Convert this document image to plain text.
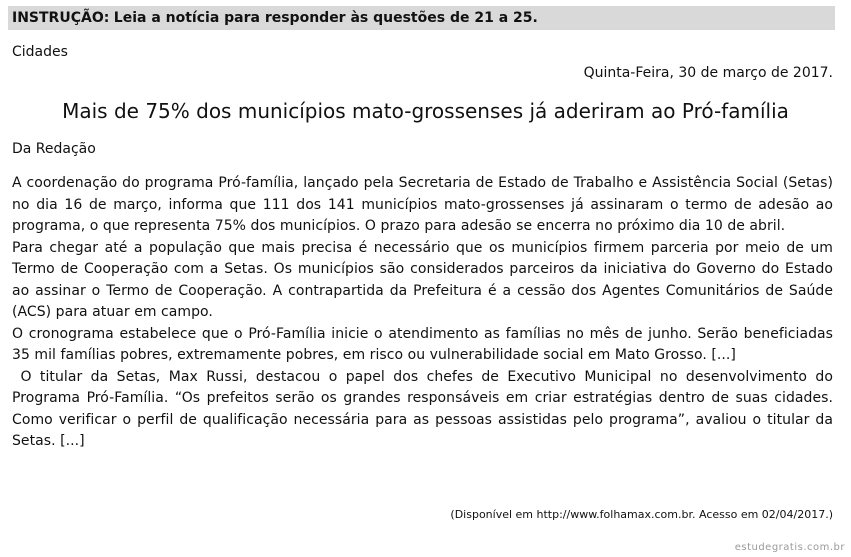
INSTRUÇÃO: Leia a notícia para responder às questões de 21 a 25.
Cidades
Quinta-Feira, 30 de março de 2017.
Mais de 75% dos municípios mato-grossenses já aderiram ao Pró-família
Da Redação

A coordenação do programa Pró-família, lançado pela Secretaria de Estado de Trabalho e Assistência Social (Setas) no dia 16 de março, informa que 111 dos 141 municípios mato-grossenses já assinaram o termo de adesão ao programa, o que representa 75% dos municípios. O prazo para adesão se encerra no próximo dia 10 de abril.

Para chegar até a população que mais precisa é necessário que os municípios firmem parceria por meio de um Termo de Cooperação com a Setas. Os municípios são considerados parceiros da iniciativa do Governo do Estado ao assinar o Termo de Cooperação. A contrapartida da Prefeitura é a cessão dos Agentes Comunitários de Saúde (ACS) para atuar em campo.

O cronograma estabelece que o Pró-Família inicie o atendimento as famílias no mês de junho. Serão beneficiadas 35 mil famílias pobres, extremamente pobres, em risco ou vulnerabilidade social em Mato Grosso. [...]

O titular da Setas, Max Russi, destacou o papel dos chefes de Executivo Municipal no desenvolvimento do Programa Pró-Família. “Os prefeitos serão os grandes responsáveis em criar estratégias dentro de suas cidades. Como verificar o perfil de qualificação necessária para as pessoas assistidas pelo programa”, avaliou o titular da Setas. [...]

(Disponível em http://www.folhamax.com.br. Acesso em 02/04/2017.)
estudegratis.com.br
